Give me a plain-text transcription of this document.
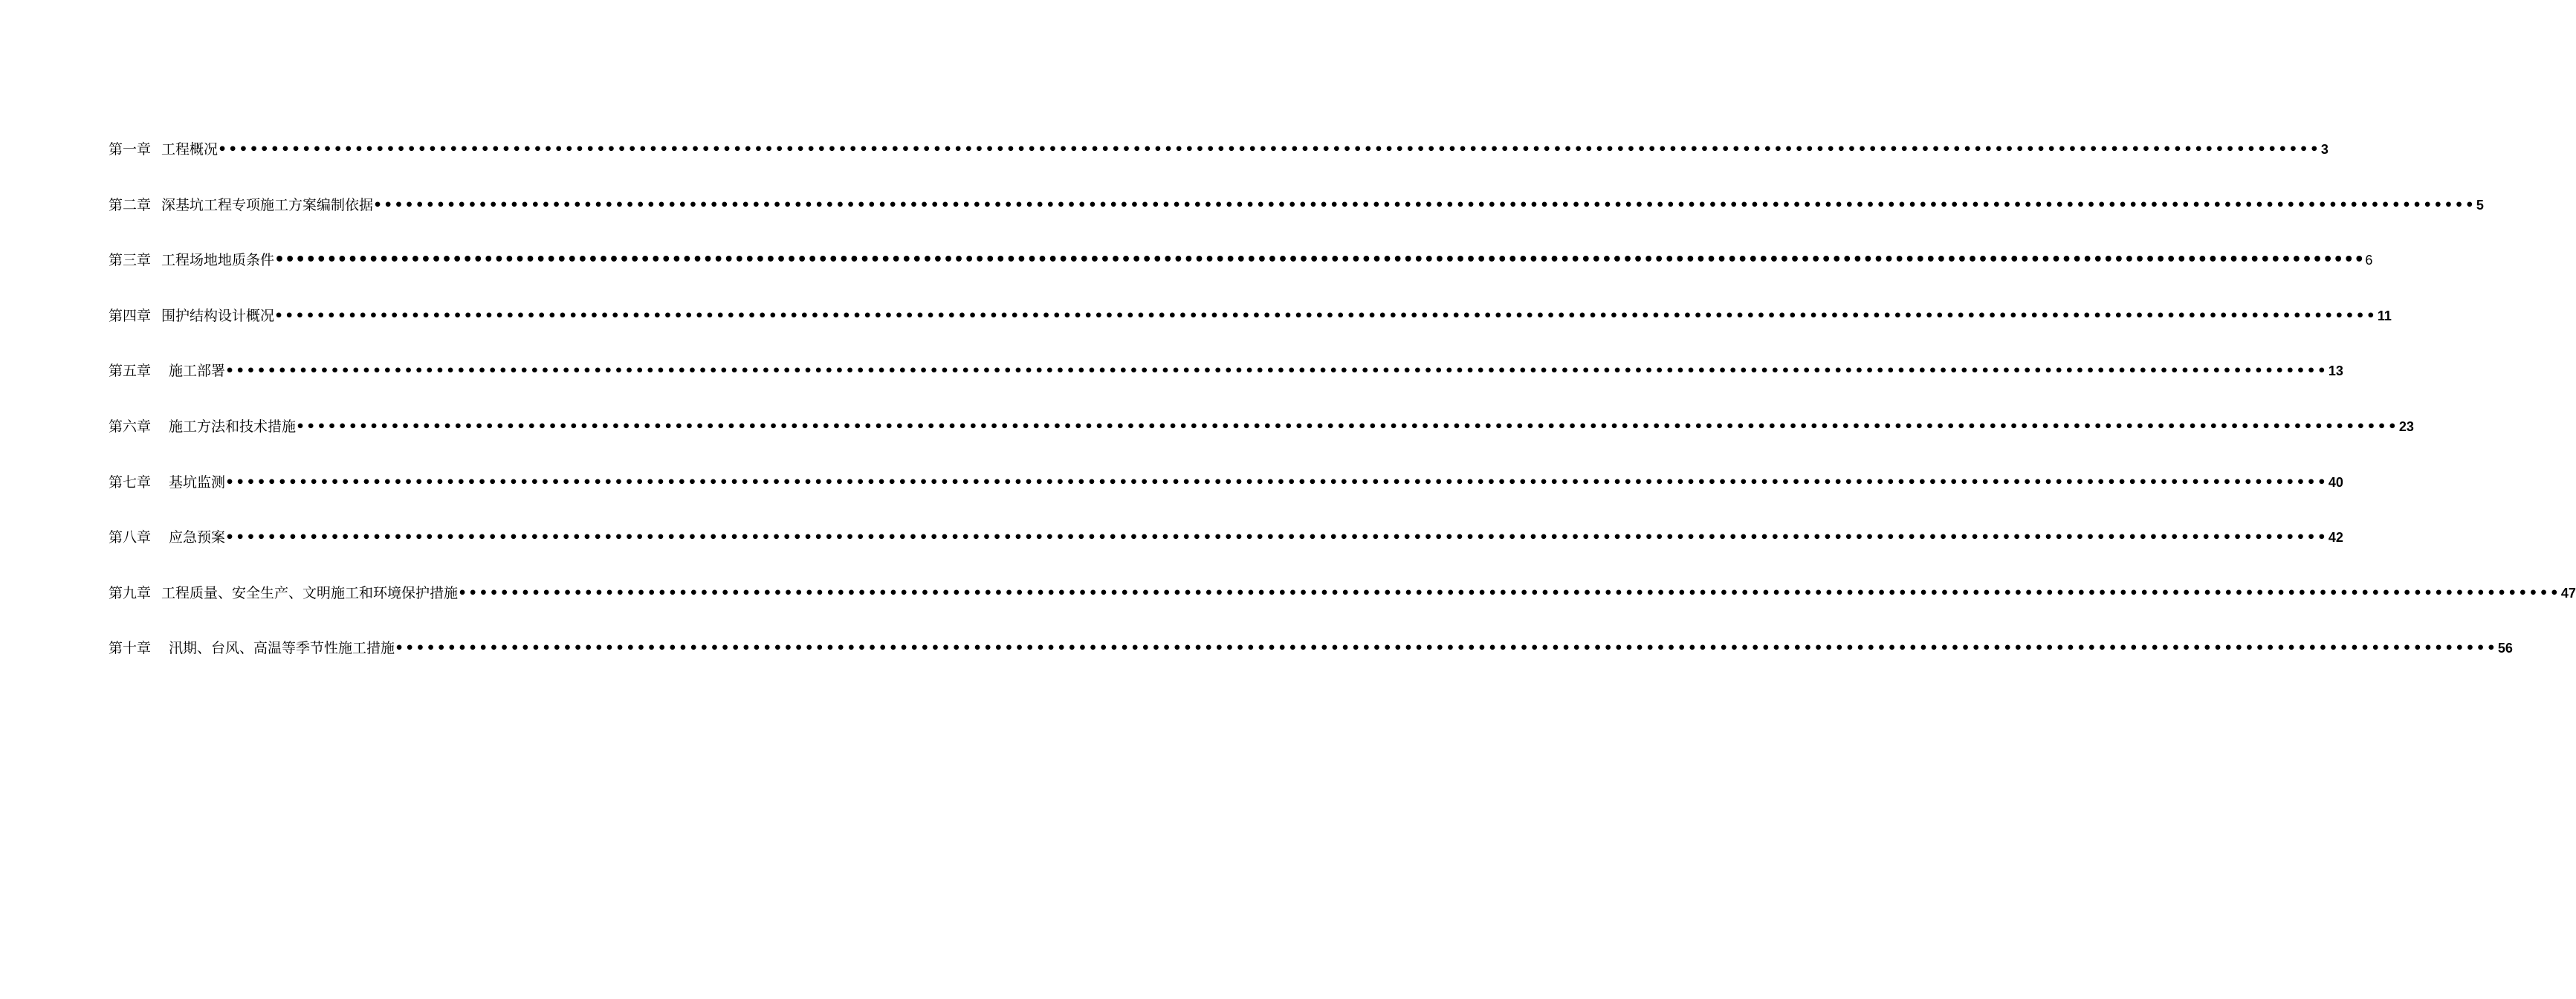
第一章 工程概况 •••••••••••••••••••••••••••••••••••••••••••••••••••••••••••••••••••••••••••••••••••••••••••••••••••••••••••••••••••••••••••••••••••••••••••••••••••••••••••••••••••••••••••••••••••••••••••••••••••••••• 3
第二章 深基坑工程专项施工方案编制依据 •••••••••••••••••••••••••••••••••••••••••••••••••••••••••••••••••••••••••••••••••••••••••••••••••••••••••••••••••••••••••••••••••••••••••••••••••••••••••••••••••••••••••••••••••••••••••••••••••••••••• 5
第三章 工程场地地质条件 •••••••••••••••••••••••••••••••••••••••••••••••••••••••••••••••••••••••••••••••••••••••••••••••••••••••••••••••••••••••••••••••••••••••••••••••••••••••••••••••••••••••••••••••••••••••••••••••••••••••• 6
第四章 围护结构设计概况 •••••••••••••••••••••••••••••••••••••••••••••••••••••••••••••••••••••••••••••••••••••••••••••••••••••••••••••••••••••••••••••••••••••••••••••••••••••••••••••••••••••••••••••••••••••••••••••••••••••••• 11
第五章 施工部署 •••••••••••••••••••••••••••••••••••••••••••••••••••••••••••••••••••••••••••••••••••••••••••••••••••••••••••••••••••••••••••••••••••••••••••••••••••••••••••••••••••••••••••••••••••••••••••••••••••••••• 13
第六章 施工方法和技术措施 •••••••••••••••••••••••••••••••••••••••••••••••••••••••••••••••••••••••••••••••••••••••••••••••••••••••••••••••••••••••••••••••••••••••••••••••••••••••••••••••••••••••••••••••••••••••••••••••••••••••• 23
第七章 基坑监测 •••••••••••••••••••••••••••••••••••••••••••••••••••••••••••••••••••••••••••••••••••••••••••••••••••••••••••••••••••••••••••••••••••••••••••••••••••••••••••••••••••••••••••••••••••••••••••••••••••••••• 40
第八章 应急预案 •••••••••••••••••••••••••••••••••••••••••••••••••••••••••••••••••••••••••••••••••••••••••••••••••••••••••••••••••••••••••••••••••••••••••••••••••••••••••••••••••••••••••••••••••••••••••••••••••••••••• 42
第九章 工程质量、安全生产、文明施工和环境保护措施 •••••••••••••••••••••••••••••••••••••••••••••••••••••••••••••••••••••••••••••••••••••••••••••••••••••••••••••••••••••••••••••••••••••••••••••••••••••••••••••••••••••••••••••••••••••••••••••••••••••••• 47
第十章 汛期、台风、高温等季节性施工措施 •••••••••••••••••••••••••••••••••••••••••••••••••••••••••••••••••••••••••••••••••••••••••••••••••••••••••••••••••••••••••••••••••••••••••••••••••••••••••••••••••••••••••••••••••••••••••••••••••••••••• 56
